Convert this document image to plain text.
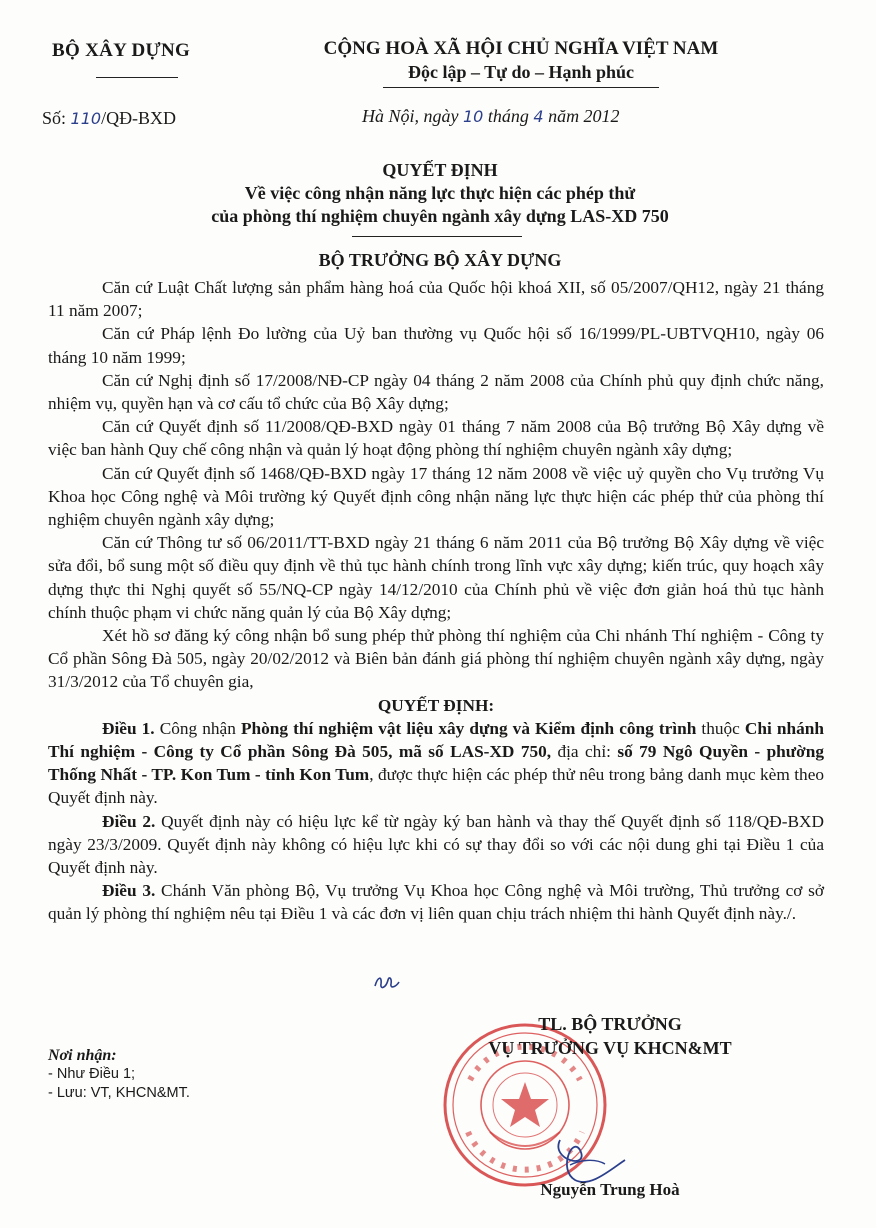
BỘ XÂY DỰNG	CỘNG HOÀ XÃ HỘI CHỦ NGHĨA VIỆT NAM
Độc lập – Tự do – Hạnh phúc
Số: 110/QĐ-BXD	Hà Nội, ngày 10 tháng 4 năm 2012
QUYẾT ĐỊNH
Về việc công nhận năng lực thực hiện các phép thử
của phòng thí nghiệm chuyên ngành xây dựng LAS-XD 750
BỘ TRƯỞNG BỘ XÂY DỰNG

Căn cứ Luật Chất lượng sản phẩm hàng hoá của Quốc hội khoá XII, số 05/2007/QH12, ngày 21 tháng 11 năm 2007;

Căn cứ Pháp lệnh Đo lường của Uỷ ban thường vụ Quốc hội số 16/1999/PL-UBTVQH10, ngày 06 tháng 10 năm 1999;

Căn cứ Nghị định số 17/2008/NĐ-CP ngày 04 tháng 2 năm 2008 của Chính phủ quy định chức năng, nhiệm vụ, quyền hạn và cơ cấu tổ chức của Bộ Xây dựng;

Căn cứ Quyết định số 11/2008/QĐ-BXD ngày 01 tháng 7 năm 2008 của Bộ trưởng Bộ Xây dựng về việc ban hành Quy chế công nhận và quản lý hoạt động phòng thí nghiệm chuyên ngành xây dựng;

Căn cứ Quyết định số 1468/QĐ-BXD ngày 17 tháng 12 năm 2008 về việc uỷ quyền cho Vụ trưởng Vụ Khoa học Công nghệ và Môi trường ký Quyết định công nhận năng lực thực hiện các phép thử của phòng thí nghiệm chuyên ngành xây dựng;

Căn cứ Thông tư số 06/2011/TT-BXD ngày 21 tháng 6 năm 2011 của Bộ trưởng Bộ Xây dựng về việc sửa đổi, bổ sung một số điều quy định về thủ tục hành chính trong lĩnh vực xây dựng; kiến trúc, quy hoạch xây dựng thực thi Nghị quyết số 55/NQ-CP ngày 14/12/2010 của Chính phủ về việc đơn giản hoá thủ tục hành chính thuộc phạm vi chức năng quản lý của Bộ Xây dựng;

Xét hồ sơ đăng ký công nhận bổ sung phép thử phòng thí nghiệm của Chi nhánh Thí nghiệm - Công ty Cổ phần Sông Đà 505, ngày 20/02/2012 và Biên bản đánh giá phòng thí nghiệm chuyên ngành xây dựng, ngày 31/3/2012 của Tổ chuyên gia,

QUYẾT ĐỊNH:

Điều 1. Công nhận Phòng thí nghiệm vật liệu xây dựng và Kiểm định công trình thuộc Chi nhánh Thí nghiệm - Công ty Cổ phần Sông Đà 505, mã số LAS-XD 750, địa chỉ: số 79 Ngô Quyền - phường Thống Nhất - TP. Kon Tum - tỉnh Kon Tum, được thực hiện các phép thử nêu trong bảng danh mục kèm theo Quyết định này.

Điều 2. Quyết định này có hiệu lực kể từ ngày ký ban hành và thay thế Quyết định số 118/QĐ-BXD ngày 23/3/2009. Quyết định này không có hiệu lực khi có sự thay đổi so với các nội dung ghi tại Điều 1 của Quyết định này.

Điều 3. Chánh Văn phòng Bộ, Vụ trưởng Vụ Khoa học Công nghệ và Môi trường, Thủ trưởng cơ sở quản lý phòng thí nghiệm nêu tại Điều 1 và các đơn vị liên quan chịu trách nhiệm thi hành Quyết định này./.

Nơi nhận:
- Như Điều 1;
- Lưu: VT, KHCN&MT.
TL. BỘ TRƯỞNG
VỤ TRƯỞNG VỤ KHCN&MT
Nguyễn Trung Hoà
